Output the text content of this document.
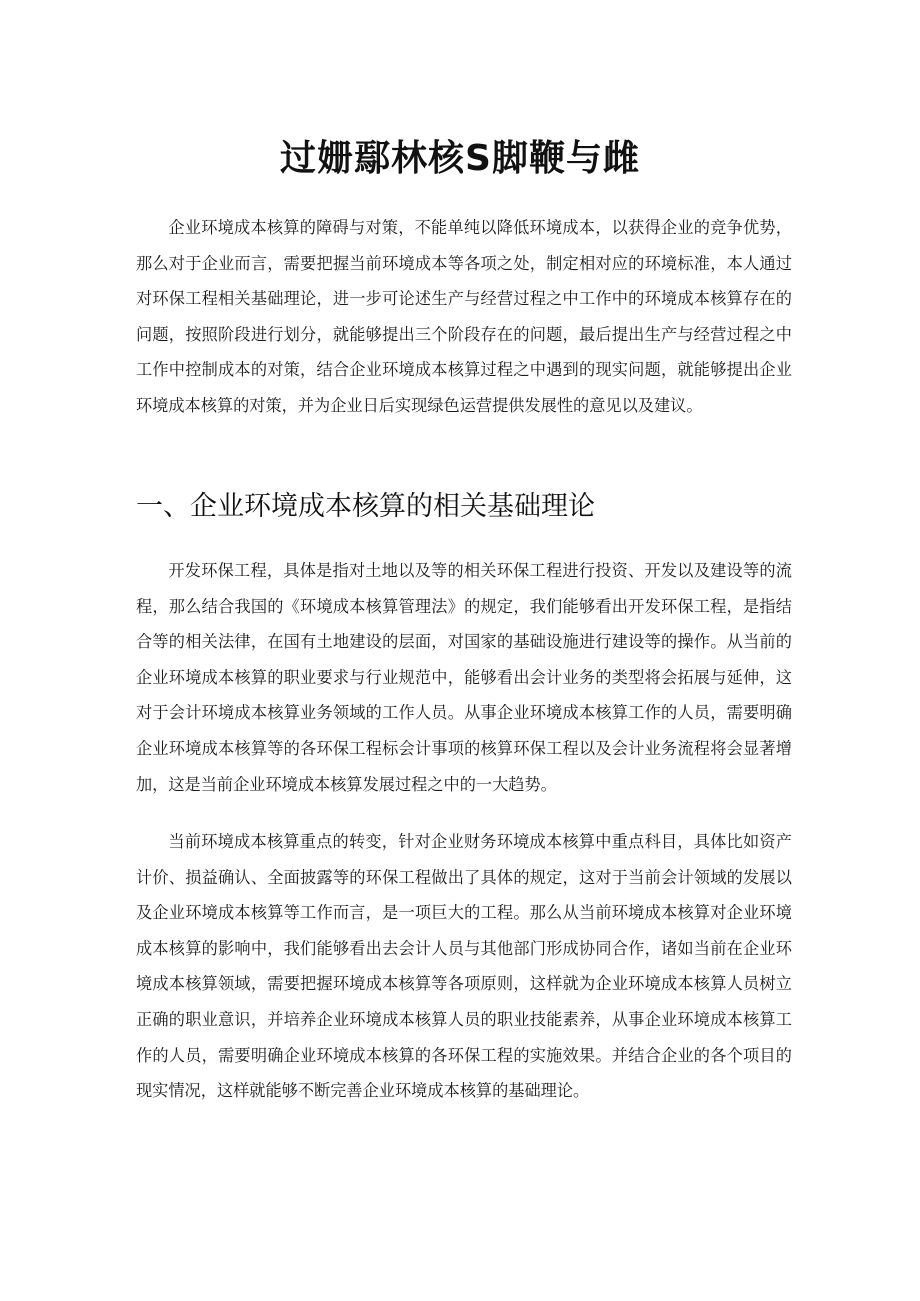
过姗鄢林核S脚鞭与雌

企业环境成本核算的障碍与对策，不能单纯以降低环境成本，以获得企业的竞争优势，那么对于企业而言，需要把握当前环境成本等各项之处，制定相对应的环境标准，本人通过对环保工程相关基础理论，进一步可论述生产与经营过程之中工作中的环境成本核算存在的问题，按照阶段进行划分，就能够提出三个阶段存在的问题，最后提出生产与经营过程之中工作中控制成本的对策，结合企业环境成本核算过程之中遇到的现实问题，就能够提出企业环境成本核算的对策，并为企业日后实现绿色运营提供发展性的意见以及建议。

一、企业环境成本核算的相关基础理论

开发环保工程，具体是指对土地以及等的相关环保工程进行投资、开发以及建设等的流程，那么结合我国的《环境成本核算管理法》的规定，我们能够看出开发环保工程，是指结合等的相关法律，在国有土地建设的层面，对国家的基础设施进行建设等的操作。从当前的企业环境成本核算的职业要求与行业规范中，能够看出会计业务的类型将会拓展与延伸，这对于会计环境成本核算业务领域的工作人员。从事企业环境成本核算工作的人员，需要明确企业环境成本核算等的各环保工程标会计事项的核算环保工程以及会计业务流程将会显著增加，这是当前企业环境成本核算发展过程之中的一大趋势。

当前环境成本核算重点的转变，针对企业财务环境成本核算中重点科目，具体比如资产计价、损益确认、全面披露等的环保工程做出了具体的规定，这对于当前会计领域的发展以及企业环境成本核算等工作而言，是一项巨大的工程。那么从当前环境成本核算对企业环境成本核算的影响中，我们能够看出去会计人员与其他部门形成协同合作，诸如当前在企业环境成本核算领域，需要把握环境成本核算等各项原则，这样就为企业环境成本核算人员树立正确的职业意识，并培养企业环境成本核算人员的职业技能素养，从事企业环境成本核算工作的人员，需要明确企业环境成本核算的各环保工程的实施效果。并结合企业的各个项目的现实情况，这样就能够不断完善企业环境成本核算的基础理论。
